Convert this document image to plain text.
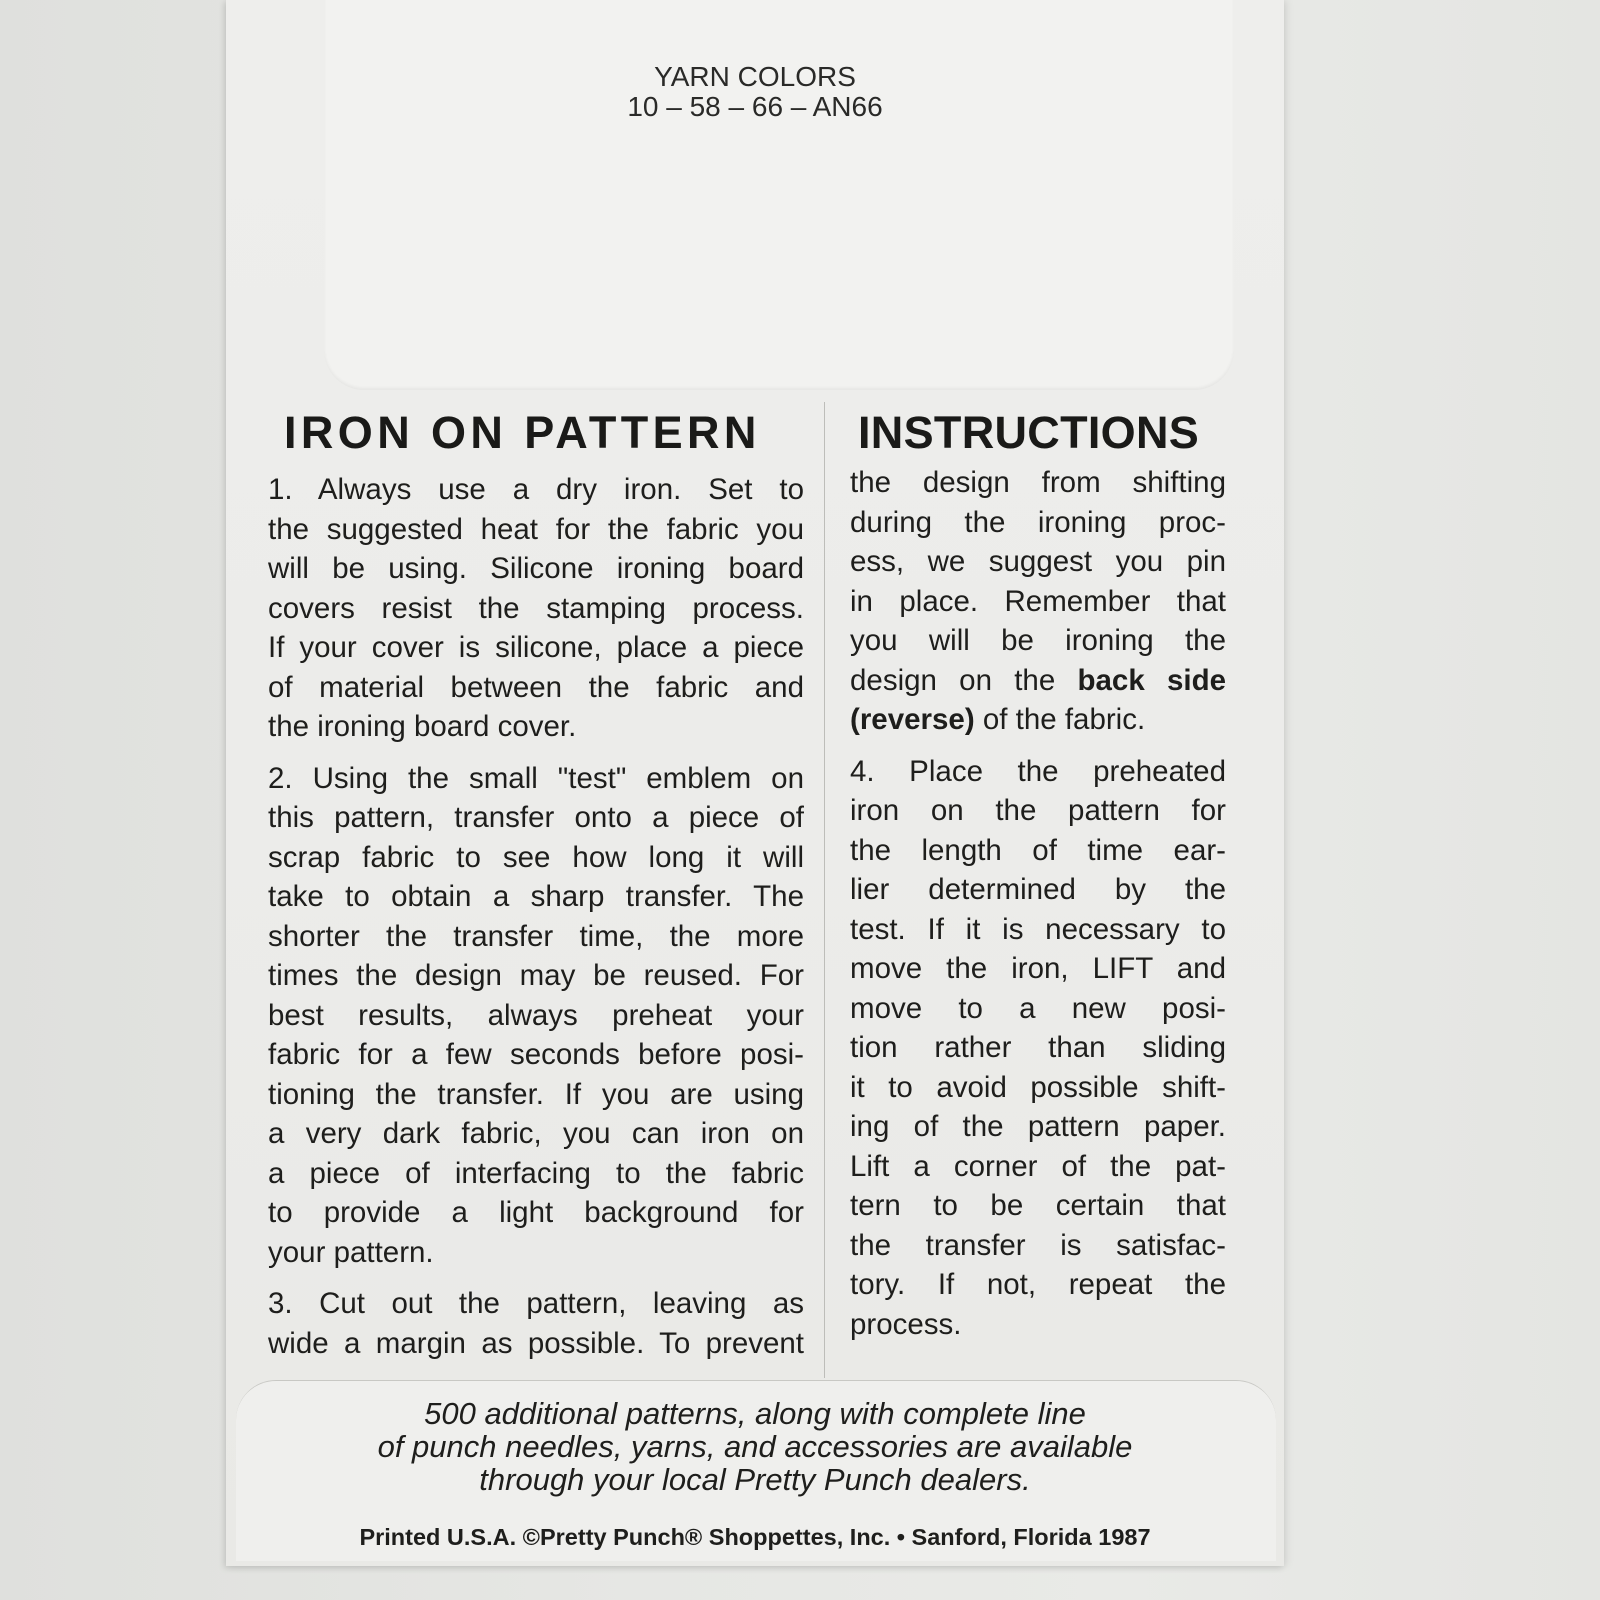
YARN COLORS
10 – 58 – 66 – AN66
IRON ON PATTERN INSTRUCTIONS
1. Always use a dry iron. Set to
the suggested heat for the fabric you
will be using. Silicone ironing board
covers resist the stamping process.
If your cover is silicone, place a piece
of material between the fabric and
the ironing board cover.
2. Using the small "test" emblem on
this pattern, transfer onto a piece of
scrap fabric to see how long it will
take to obtain a sharp transfer. The
shorter the transfer time, the more
times the design may be reused. For
best results, always preheat your
fabric for a few seconds before posi-
tioning the transfer. If you are using
a very dark fabric, you can iron on
a piece of interfacing to the fabric
to provide a light background for
your pattern.
3. Cut out the pattern, leaving as
wide a margin as possible. To prevent
the design from shifting
during the ironing proc-
ess, we suggest you pin
in place. Remember that
you will be ironing the
design on the back side
(reverse) of the fabric.
4. Place the preheated
iron on the pattern for
the length of time ear-
lier determined by the
test. If it is necessary to
move the iron, LIFT and
move to a new posi-
tion rather than sliding
it to avoid possible shift-
ing of the pattern paper.
Lift a corner of the pat-
tern to be certain that
the transfer is satisfac-
tory. If not, repeat the
process.
500 additional patterns, along with complete line
of punch needles, yarns, and accessories are available
through your local Pretty Punch dealers.
Printed U.S.A. ©Pretty Punch® Shoppettes, Inc. • Sanford, Florida 1987
